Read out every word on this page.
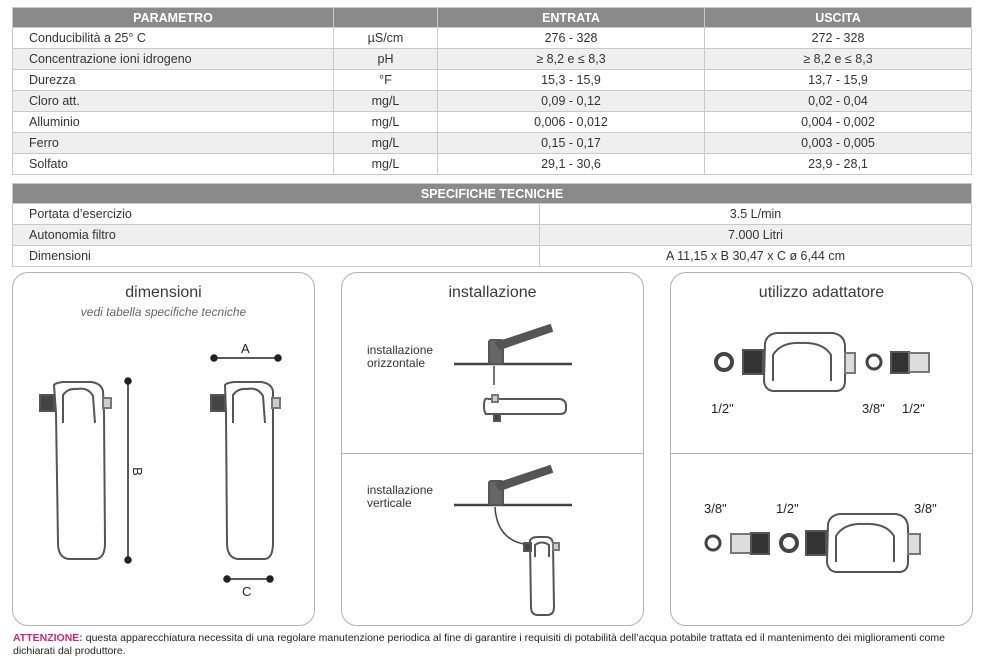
PARAMETRO		ENTRATA	USCITA
Conducibilità a 25° C	µS/cm	276 - 328	272 - 328
Concentrazione ioni idrogeno	pH	≥ 8,2 e ≤ 8,3	≥ 8,2 e ≤ 8,3
Durezza	°F	15,3 - 15,9	13,7 - 15,9
Cloro att.	mg/L	0,09 - 0,12	0,02 - 0,04
Alluminio	mg/L	0,006 - 0,012	0,004 - 0,002
Ferro	mg/L	0,15 - 0,17	0,003 - 0,005
Solfato	mg/L	29,1 - 30,6	23,9 - 28,1
SPECIFICHE TECNICHE	
Portata d’esercizio	3.5 L/min
Autonomia filtro	7.000 Litri
Dimensioni	A 11,15 x B 30,47 x C ø 6,44 cm
dimensioni
vedi tabella specifiche tecniche
A
B
C
installazione
installazione
orizzontale
installazione
verticale
utilizzo adattatore
1/2"	3/8" 1/2"
3/8"	1/2"	3/8"
ATTENZIONE: questa apparecchiatura necessita di una regolare manutenzione periodica al fine di garantire i requisiti di potabilità dell’acqua potabile trattata ed il mantenimento dei miglioramenti come dichiarati dal produttore.
